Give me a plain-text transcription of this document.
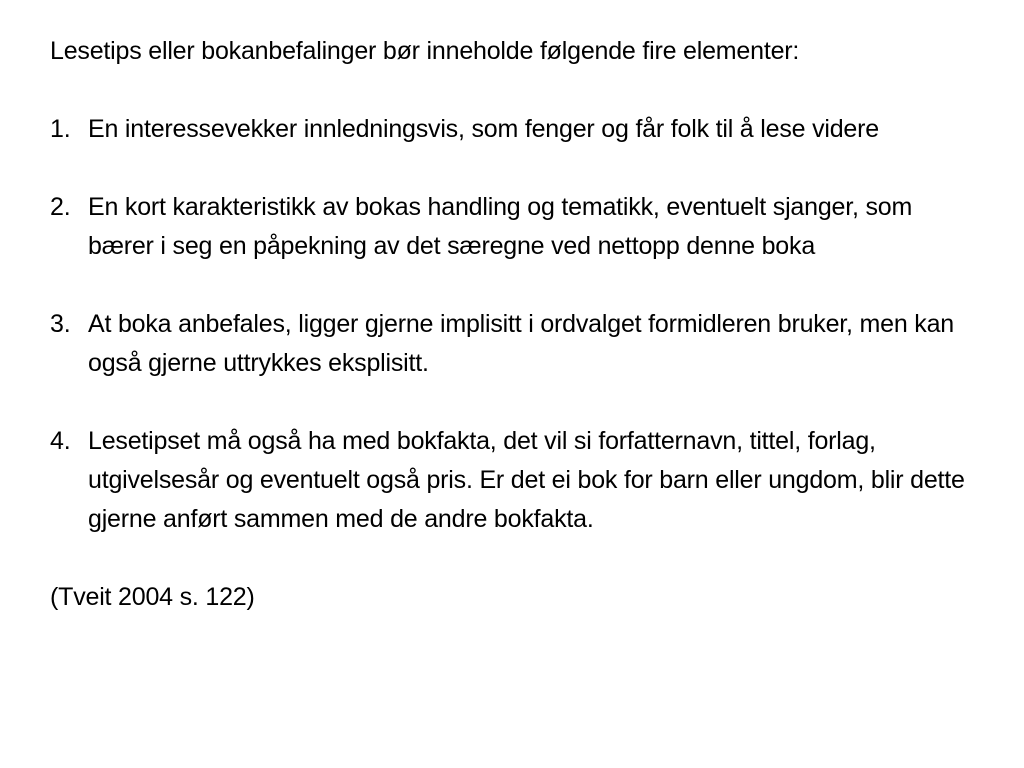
Lesetips eller bokanbefalinger bør inneholde følgende fire elementer:

1. En interessevekker innledningsvis, som fenger og får folk til å lese videre

2. En kort karakteristikk av bokas handling og tematikk, eventuelt sjanger, som bærer i seg en påpekning av det særegne ved nettopp denne boka

3. At boka anbefales, ligger gjerne implisitt i ordvalget formidleren bruker, men kan også gjerne uttrykkes eksplisitt.

4. Lesetipset må også ha med bokfakta, det vil si forfatternavn, tittel, forlag, utgivelsesår og eventuelt også pris. Er det ei bok for barn eller ungdom, blir dette gjerne anført sammen med de andre bokfakta.

(Tveit 2004 s. 122)
